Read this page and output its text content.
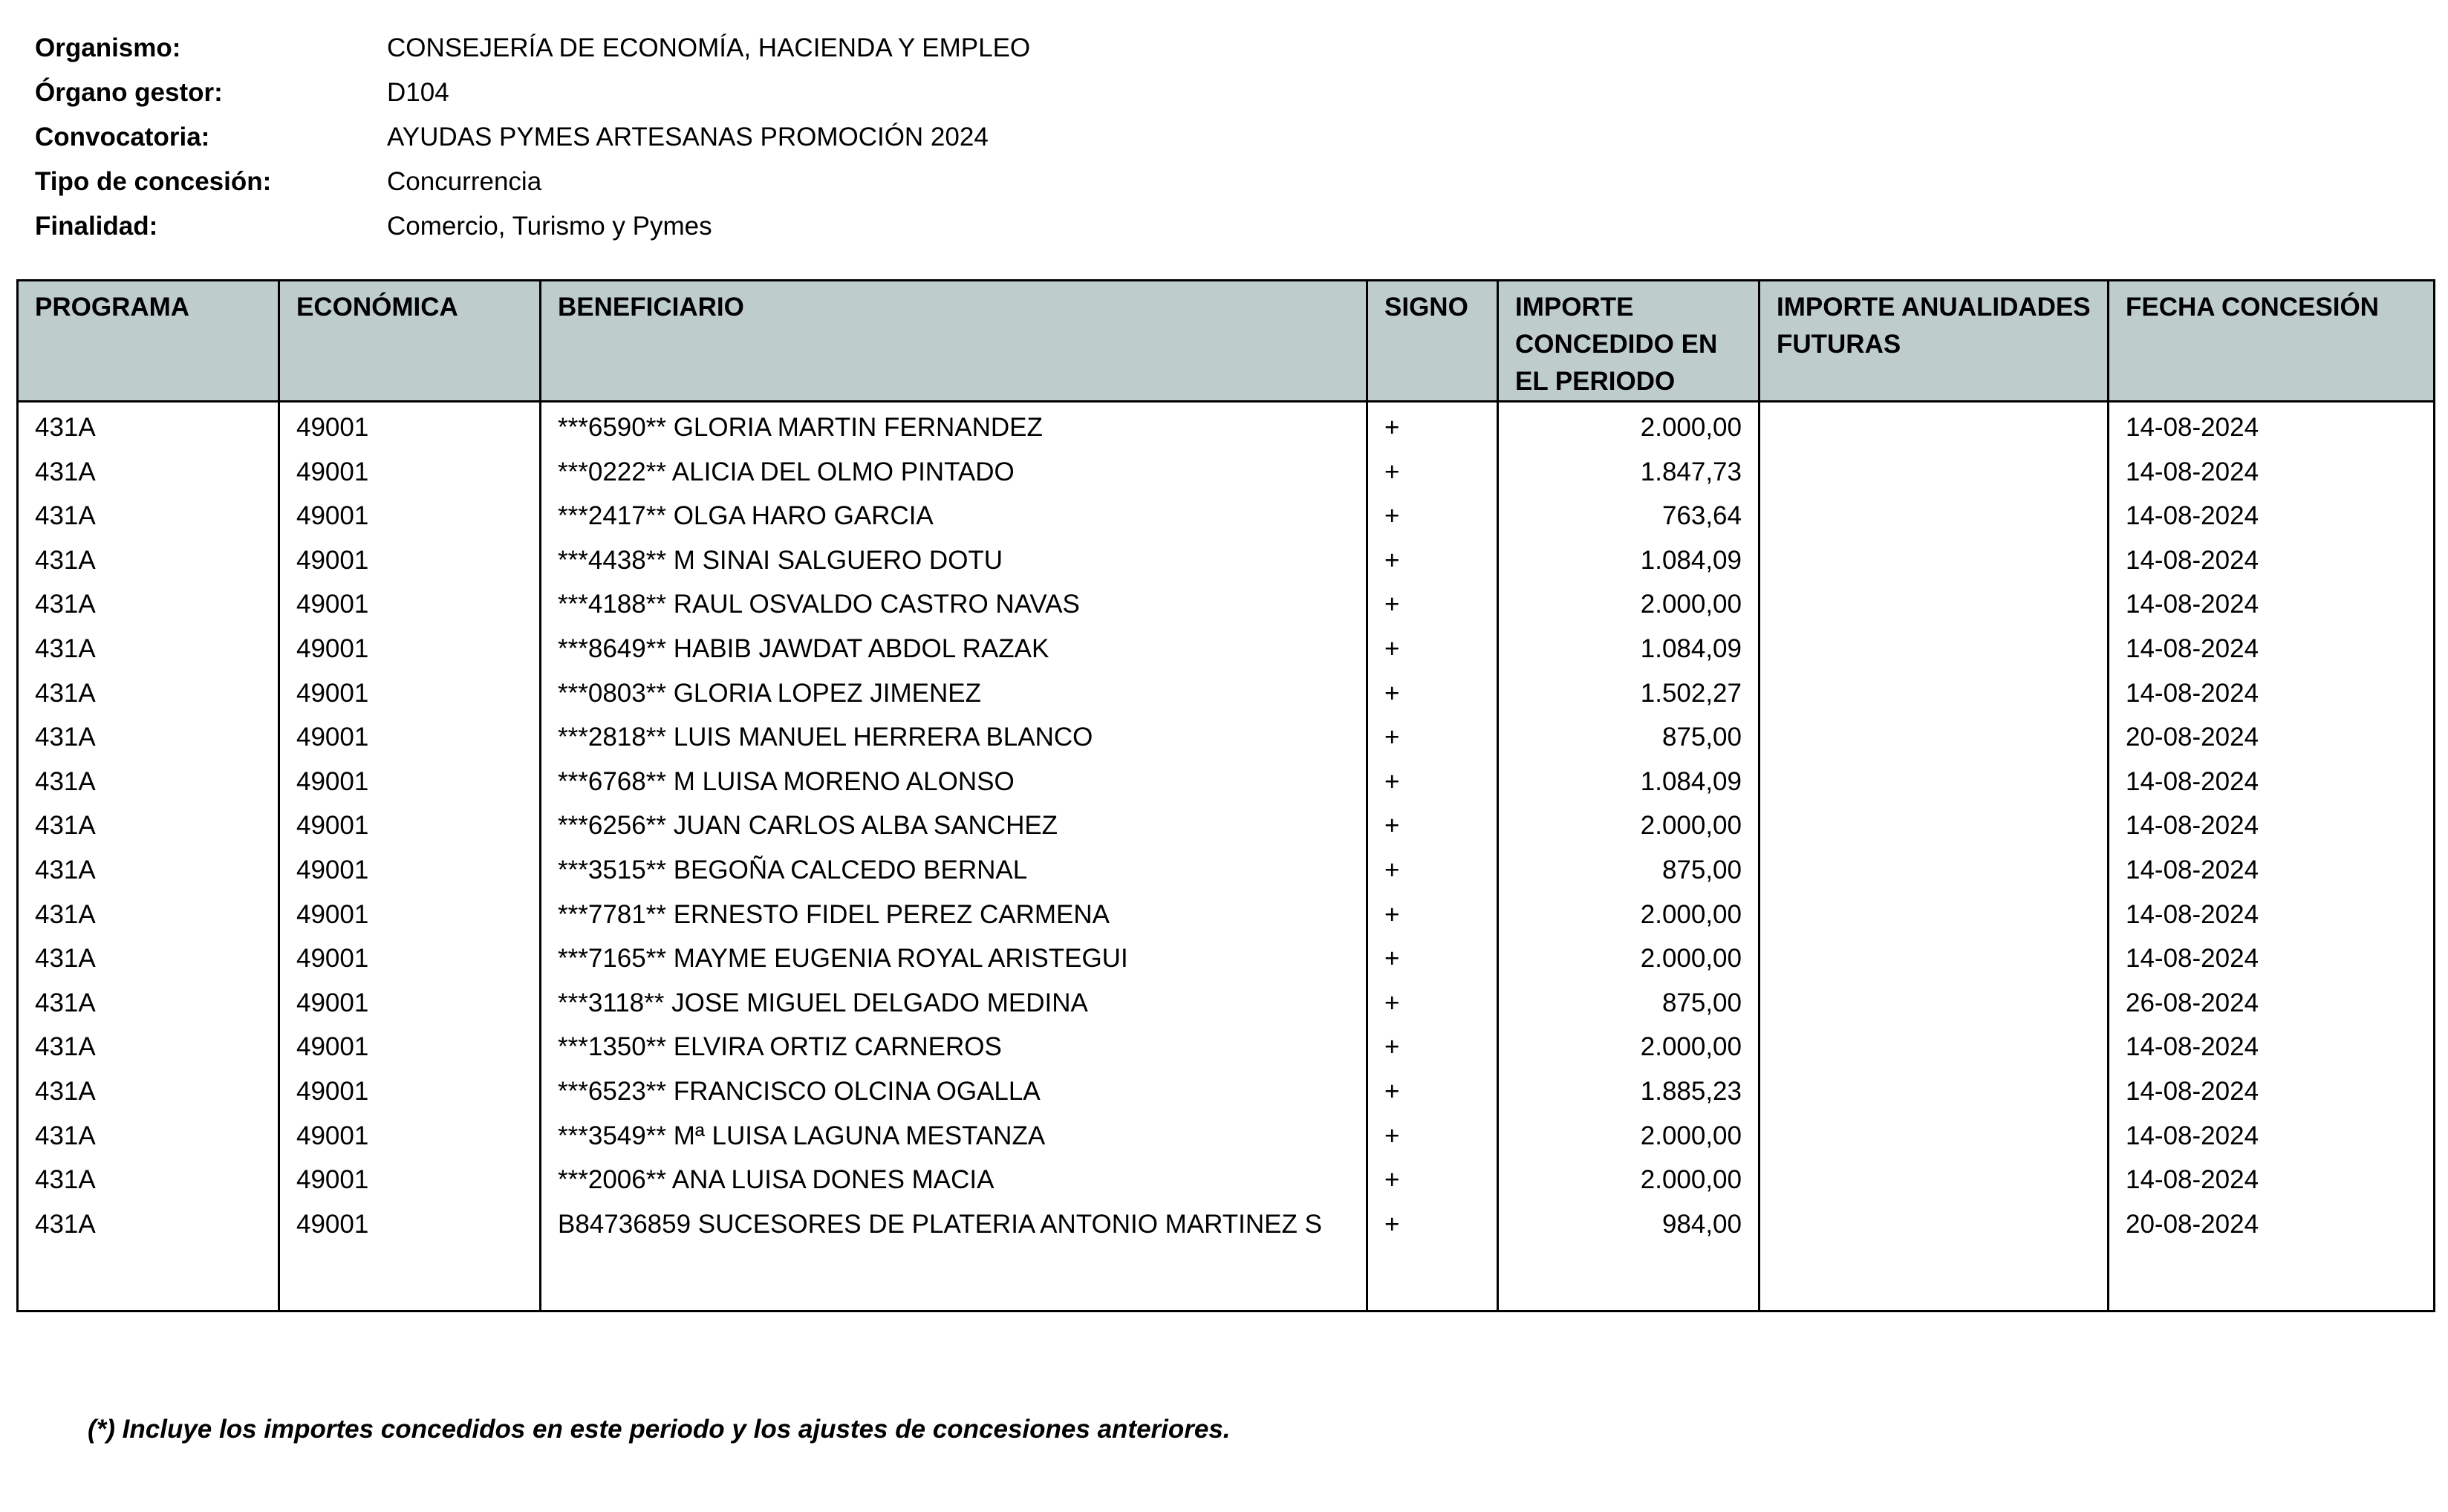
Organismo:	CONSEJERÍA DE ECONOMÍA, HACIENDA Y EMPLEO
Órgano gestor:	D104
Convocatoria:	AYUDAS PYMES ARTESANAS PROMOCIÓN 2024
Tipo de concesión:	Concurrencia
Finalidad:	Comercio, Turismo y Pymes
PROGRAMA	ECONÓMICA	BENEFICIARIO	SIGNO	IMPORTE CONCEDIDO EN EL PERIODO	IMPORTE ANUALIDADES FUTURAS	FECHA CONCESIÓN
431A	49001	***6590** GLORIA MARTIN FERNANDEZ	+	2.000,00		14-08-2024
431A	49001	***0222** ALICIA DEL OLMO PINTADO	+	1.847,73		14-08-2024
431A	49001	***2417** OLGA HARO GARCIA	+	763,64		14-08-2024
431A	49001	***4438** M SINAI SALGUERO DOTU	+	1.084,09		14-08-2024
431A	49001	***4188** RAUL OSVALDO CASTRO NAVAS	+	2.000,00		14-08-2024
431A	49001	***8649** HABIB JAWDAT ABDOL RAZAK	+	1.084,09		14-08-2024
431A	49001	***0803** GLORIA LOPEZ JIMENEZ	+	1.502,27		14-08-2024
431A	49001	***2818** LUIS MANUEL HERRERA BLANCO	+	875,00		20-08-2024
431A	49001	***6768** M LUISA MORENO ALONSO	+	1.084,09		14-08-2024
431A	49001	***6256** JUAN CARLOS ALBA SANCHEZ	+	2.000,00		14-08-2024
431A	49001	***3515** BEGOÑA CALCEDO BERNAL	+	875,00		14-08-2024
431A	49001	***7781** ERNESTO FIDEL PEREZ CARMENA	+	2.000,00		14-08-2024
431A	49001	***7165** MAYME EUGENIA ROYAL ARISTEGUI	+	2.000,00		14-08-2024
431A	49001	***3118** JOSE MIGUEL DELGADO MEDINA	+	875,00		26-08-2024
431A	49001	***1350** ELVIRA ORTIZ CARNEROS	+	2.000,00		14-08-2024
431A	49001	***6523** FRANCISCO OLCINA OGALLA	+	1.885,23		14-08-2024
431A	49001	***3549** Mª LUISA LAGUNA MESTANZA	+	2.000,00		14-08-2024
431A	49001	***2006** ANA LUISA DONES MACIA	+	2.000,00		14-08-2024
431A	49001	B84736859 SUCESORES DE PLATERIA ANTONIO MARTINEZ S	+	984,00		20-08-2024
(*) Incluye los importes concedidos en este periodo y los ajustes de concesiones anteriores.
